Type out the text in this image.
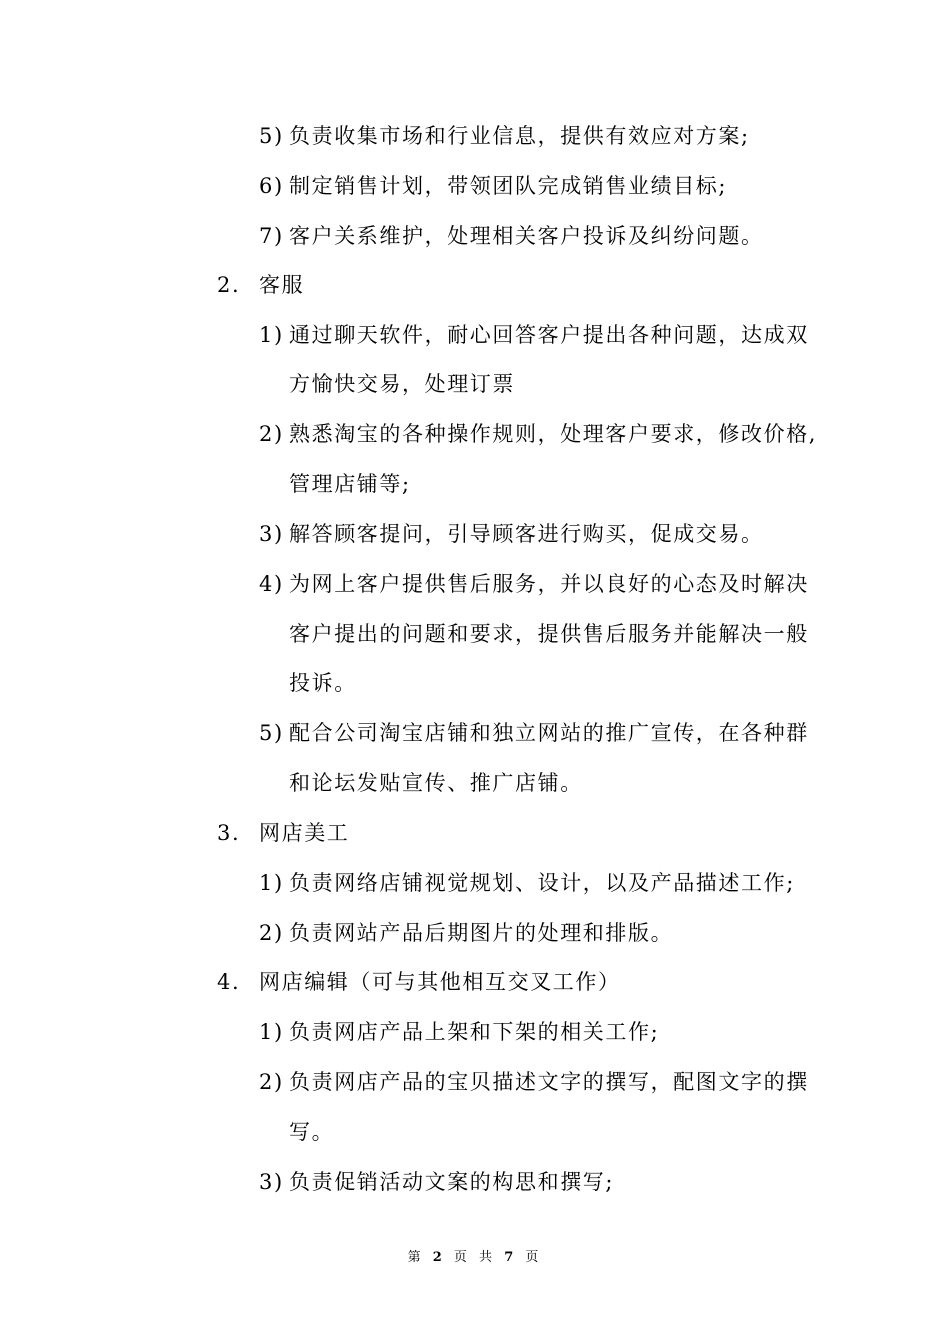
5) 负责收集市场和行业信息，提供有效应对方案;
6) 制定销售计划，带领团队完成销售业绩目标;
7) 客户关系维护，处理相关客户投诉及纠纷问题。
2. 客服
1) 通过聊天软件，耐心回答客户提出各种问题，达成双
方愉快交易，处理订票
2) 熟悉淘宝的各种操作规则，处理客户要求，修改价格,
管理店铺等;
3) 解答顾客提问，引导顾客进行购买，促成交易。
4) 为网上客户提供售后服务，并以良好的心态及时解决
客户提出的问题和要求，提供售后服务并能解决一般
投诉。
5) 配合公司淘宝店铺和独立网站的推广宣传，在各种群
和论坛发贴宣传、推广店铺。
3. 网店美工
1) 负责网络店铺视觉规划、设计，以及产品描述工作;
2) 负责网站产品后期图片的处理和排版。
4. 网店编辑（可与其他相互交叉工作）
1) 负责网店产品上架和下架的相关工作;
2) 负责网店产品的宝贝描述文字的撰写，配图文字的撰
写。
3) 负责促销活动文案的构思和撰写;
第 2 页 共 7 页
